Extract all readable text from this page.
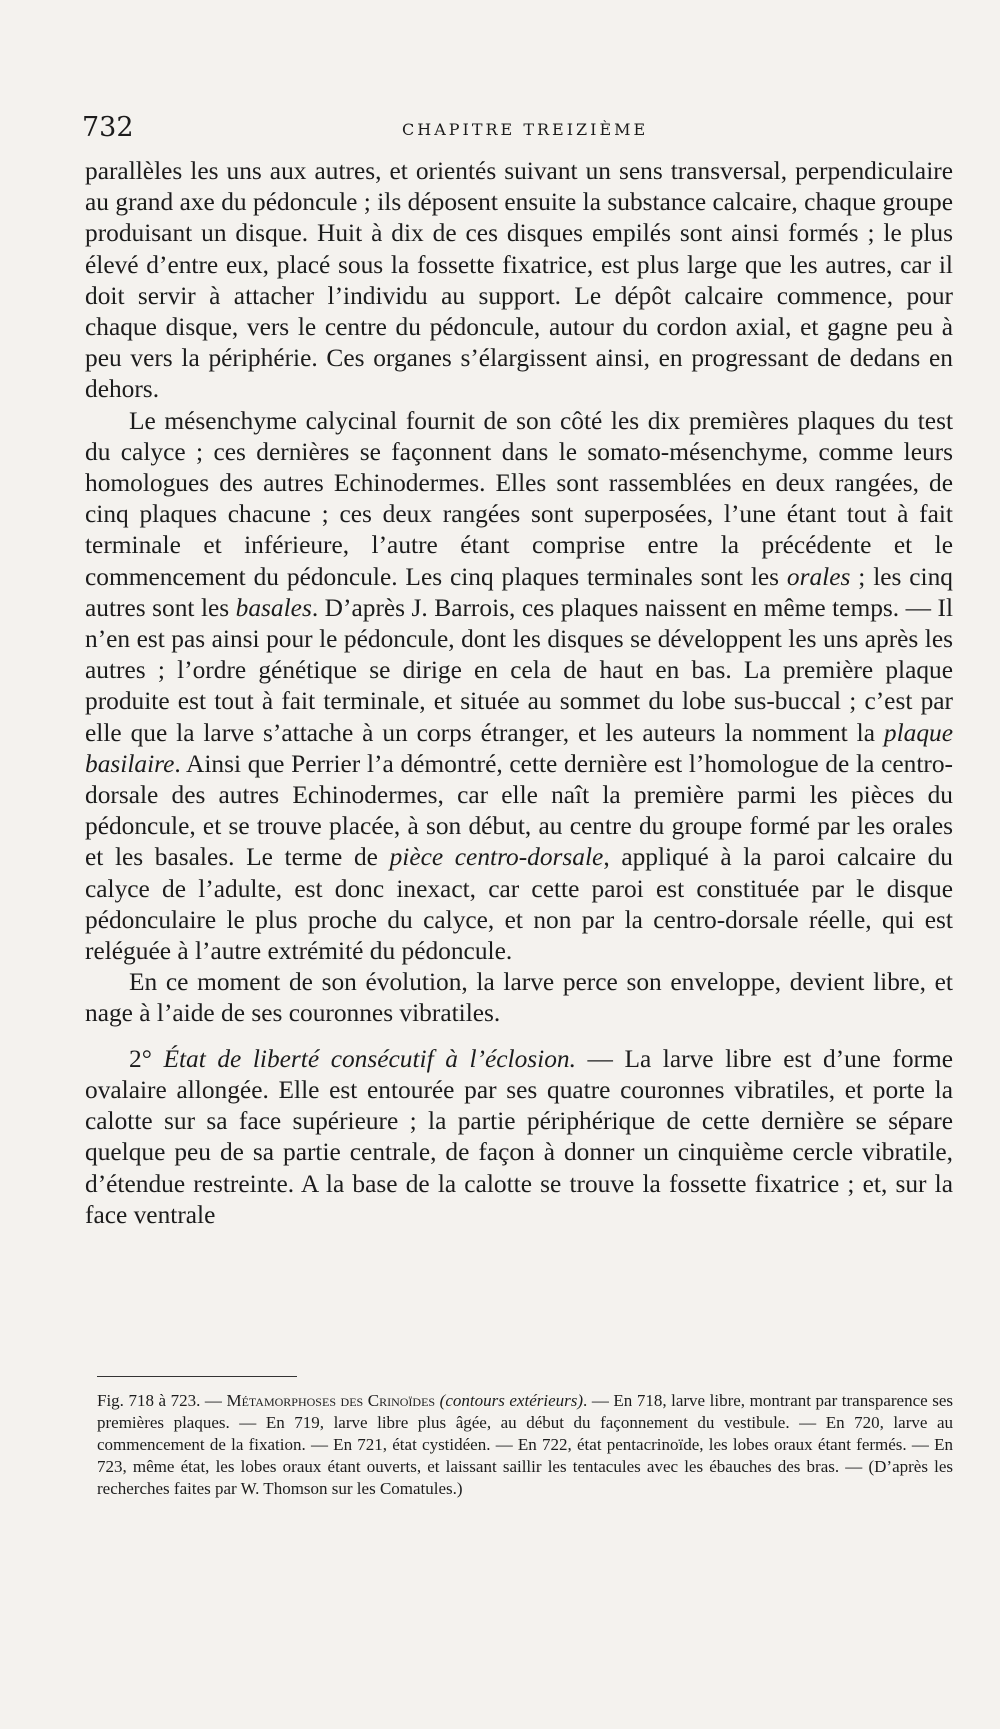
732	CHAPITRE TREIZIÈME

parallèles les uns aux autres, et orientés suivant un sens transversal, perpendiculaire au grand axe du pédoncule ; ils déposent ensuite la substance calcaire, chaque groupe produisant un disque. Huit à dix de ces disques empilés sont ainsi formés ; le plus élevé d’entre eux, placé sous la fossette fixatrice, est plus large que les autres, car il doit servir à attacher l’individu au support. Le dépôt calcaire commence, pour chaque disque, vers le centre du pédoncule, autour du cordon axial, et gagne peu à peu vers la périphérie. Ces organes s’élargissent ainsi, en progressant de dedans en dehors.

Le mésenchyme calycinal fournit de son côté les dix premières plaques du test du calyce ; ces dernières se façonnent dans le somato-mésenchyme, comme leurs homologues des autres Echinodermes. Elles sont rassemblées en deux rangées, de cinq plaques chacune ; ces deux rangées sont superposées, l’une étant tout à fait terminale et inférieure, l’autre étant comprise entre la précédente et le commencement du pédoncule. Les cinq plaques terminales sont les orales ; les cinq autres sont les basales. D’après J. Barrois, ces plaques naissent en même temps. — Il n’en est pas ainsi pour le pédoncule, dont les disques se développent les uns après les autres ; l’ordre génétique se dirige en cela de haut en bas. La première plaque produite est tout à fait terminale, et située au sommet du lobe sus-buccal ; c’est par elle que la larve s’attache à un corps étranger, et les auteurs la nomment la plaque basilaire. Ainsi que Perrier l’a démontré, cette dernière est l’homologue de la centro-dorsale des autres Echinodermes, car elle naît la première parmi les pièces du pédoncule, et se trouve placée, à son début, au centre du groupe formé par les orales et les basales. Le terme de pièce centro-dorsale, appliqué à la paroi calcaire du calyce de l’adulte, est donc inexact, car cette paroi est constituée par le disque pédonculaire le plus proche du calyce, et non par la centro-dorsale réelle, qui est reléguée à l’autre extrémité du pédoncule.

En ce moment de son évolution, la larve perce son enveloppe, devient libre, et nage à l’aide de ses couronnes vibratiles.

2° État de liberté consécutif à l’éclosion. — La larve libre est d’une forme ovalaire allongée. Elle est entourée par ses quatre couronnes vibratiles, et porte la calotte sur sa face supérieure ; la partie périphérique de cette dernière se sépare quelque peu de sa partie centrale, de façon à donner un cinquième cercle vibratile, d’étendue restreinte. A la base de la calotte se trouve la fossette fixatrice ; et, sur la face ventrale

Fig. 718 à 723. — Métamorphoses des Crinoïdes (contours extérieurs). — En 718, larve libre, montrant par transparence ses premières plaques. — En 719, larve libre plus âgée, au début du façonnement du vestibule. — En 720, larve au commencement de la fixation. — En 721, état cystidéen. — En 722, état pentacrinoïde, les lobes oraux étant fermés. — En 723, même état, les lobes oraux étant ouverts, et laissant saillir les tentacules avec les ébauches des bras. — (D’après les recherches faites par W. Thomson sur les Comatules.)
